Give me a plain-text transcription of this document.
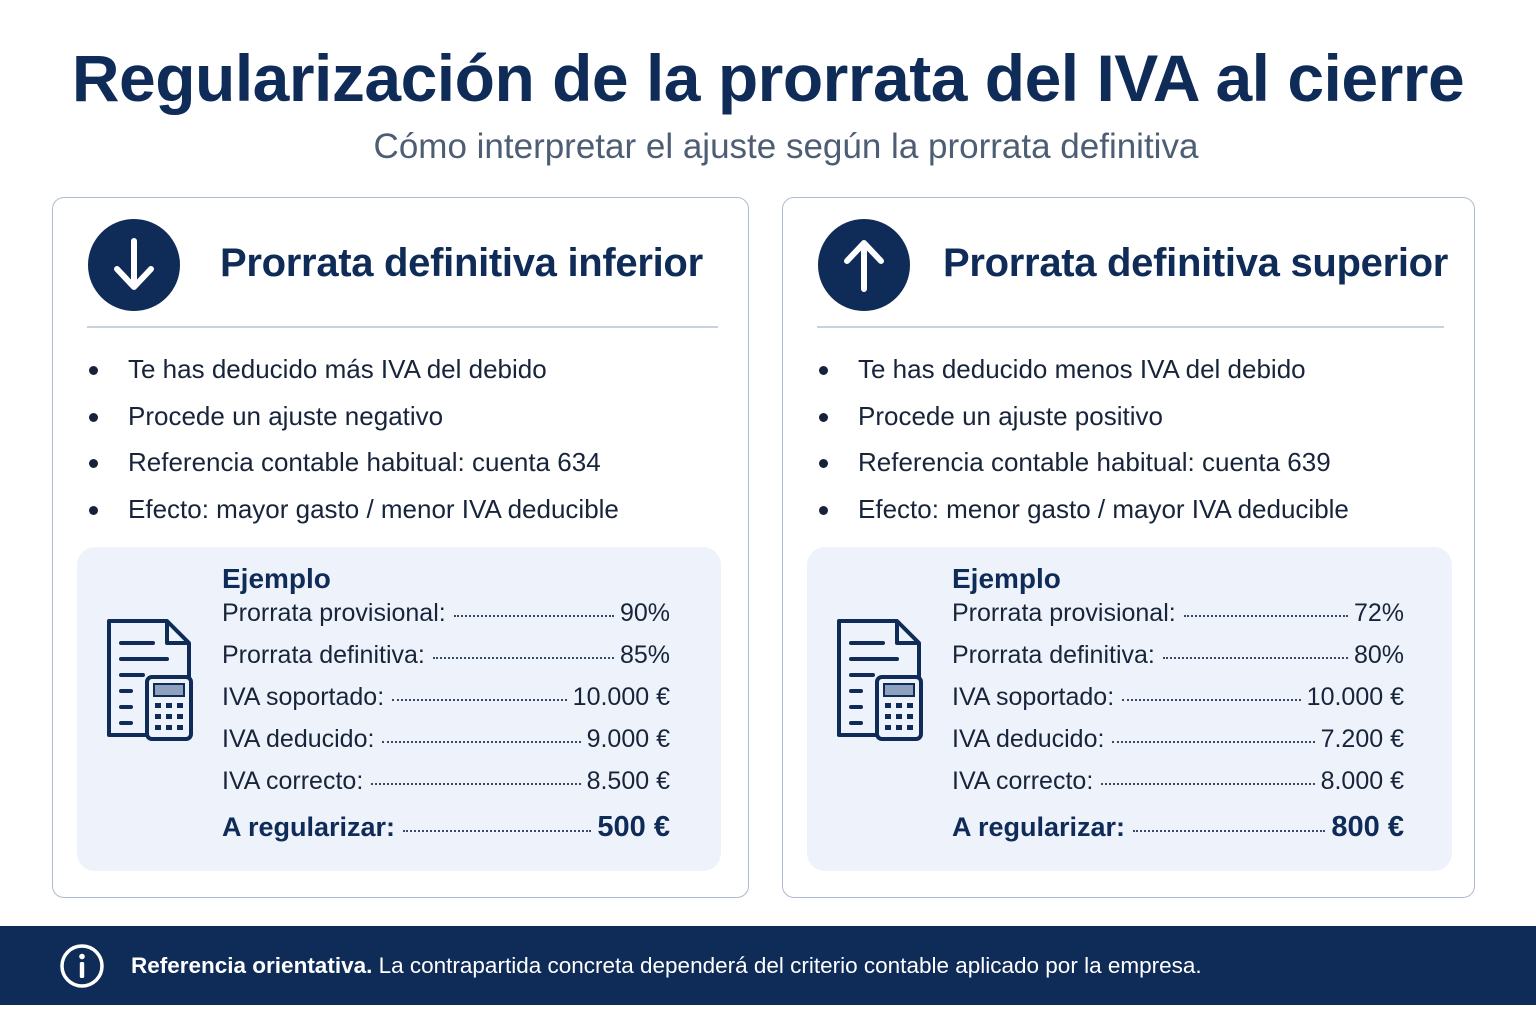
Regularización de la prorrata del IVA al cierre

Cómo interpretar el ajuste según la prorrata definitiva

Prorrata definitiva inferior
Te has deducido más IVA del debido
Procede un ajuste negativo
Referencia contable habitual: cuenta 634
Efecto: mayor gasto / menor IVA deducible
Ejemplo
Prorrata provisional:	90%
Prorrata definitiva:	85%
IVA soportado:	10.000 €
IVA deducido:	9.000 €
IVA correcto:	8.500 €
A regularizar:	500 €
Prorrata definitiva superior
Te has deducido menos IVA del debido
Procede un ajuste positivo
Referencia contable habitual: cuenta 639
Efecto: menor gasto / mayor IVA deducible
Ejemplo
Prorrata provisional:	72%
Prorrata definitiva:	80%
IVA soportado:	10.000 €
IVA deducido:	7.200 €
IVA correcto:	8.000 €
A regularizar:	800 €
Referencia orientativa. La contrapartida concreta dependerá del criterio contable aplicado por la empresa.
